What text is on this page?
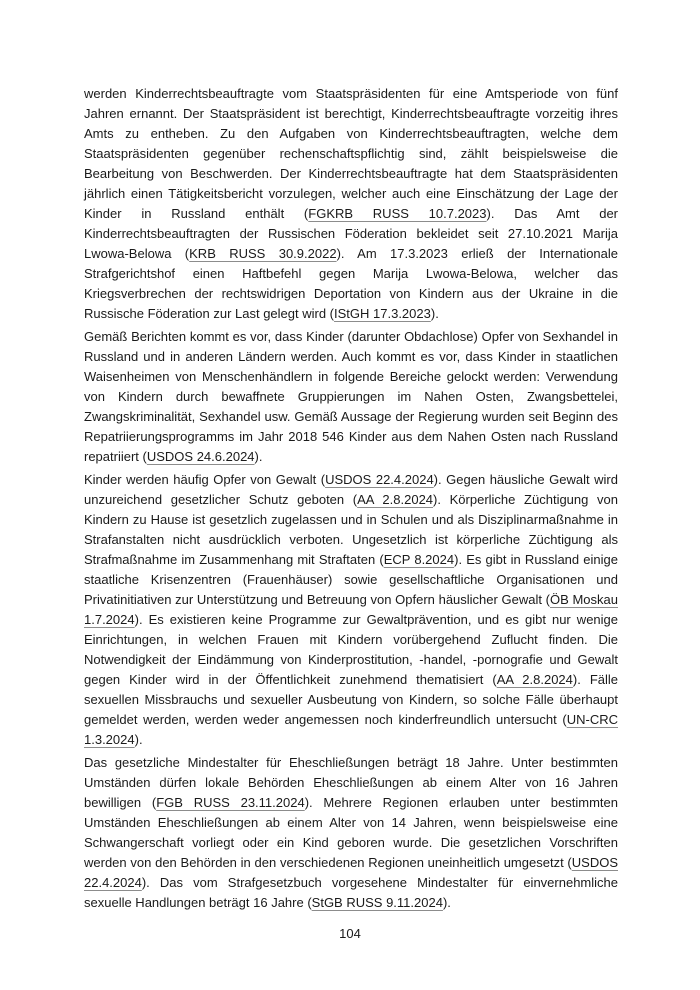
werden Kinderrechtsbeauftragte vom Staatspräsidenten für eine Amtsperiode von fünf Jahren ernannt. Der Staatspräsident ist berechtigt, Kinderrechtsbeauftragte vorzeitig ihres Amts zu entheben. Zu den Aufgaben von Kinderrechtsbeauftragten, welche dem Staatspräsidenten gegenüber rechenschaftspflichtig sind, zählt beispielsweise die Bearbeitung von Beschwerden. Der Kinderrechtsbeauftragte hat dem Staatspräsidenten jährlich einen Tätigkeitsbericht vorzulegen, welcher auch eine Einschätzung der Lage der Kinder in Russland enthält (FGKRB RUSS 10.7.2023). Das Amt der Kinderrechtsbeauftragten der Russischen Föderation bekleidet seit 27.10.2021 Marija Lwowa-Belowa (KRB RUSS 30.9.2022). Am 17.3.2023 erließ der Internationale Strafgerichtshof einen Haftbefehl gegen Marija Lwowa-Belowa, welcher das Kriegsverbrechen der rechtswidrigen Deportation von Kindern aus der Ukraine in die Russische Föderation zur Last gelegt wird (IStGH 17.3.2023).

Gemäß Berichten kommt es vor, dass Kinder (darunter Obdachlose) Opfer von Sexhandel in Russland und in anderen Ländern werden. Auch kommt es vor, dass Kinder in staatlichen Waisenheimen von Menschenhändlern in folgende Bereiche gelockt werden: Verwendung von Kindern durch bewaffnete Gruppierungen im Nahen Osten, Zwangsbettelei, Zwangskriminalität, Sexhandel usw. Gemäß Aussage der Regierung wurden seit Beginn des Repatriierungsprogramms im Jahr 2018 546 Kinder aus dem Nahen Osten nach Russland repatriiert (USDOS 24.6.2024).

Kinder werden häufig Opfer von Gewalt (USDOS 22.4.2024). Gegen häusliche Gewalt wird unzureichend gesetzlicher Schutz geboten (AA 2.8.2024). Körperliche Züchtigung von Kindern zu Hause ist gesetzlich zugelassen und in Schulen und als Disziplinarmaßnahme in Strafanstalten nicht ausdrücklich verboten. Ungesetzlich ist körperliche Züchtigung als Strafmaßnahme im Zusammenhang mit Straftaten (ECP 8.2024). Es gibt in Russland einige staatliche Krisenzentren (Frauenhäuser) sowie gesellschaftliche Organisationen und Privatinitiativen zur Unterstützung und Betreuung von Opfern häuslicher Gewalt (ÖB Moskau 1.7.2024). Es existieren keine Programme zur Gewaltprävention, und es gibt nur wenige Einrichtungen, in welchen Frauen mit Kindern vorübergehend Zuflucht finden. Die Notwendigkeit der Eindämmung von Kinderprostitution, -handel, -pornografie und Gewalt gegen Kinder wird in der Öffentlichkeit zunehmend thematisiert (AA 2.8.2024). Fälle sexuellen Missbrauchs und sexueller Ausbeutung von Kindern, so solche Fälle überhaupt gemeldet werden, werden weder angemessen noch kinderfreundlich untersucht (UN-CRC 1.3.2024).

Das gesetzliche Mindestalter für Eheschließungen beträgt 18 Jahre. Unter bestimmten Umständen dürfen lokale Behörden Eheschließungen ab einem Alter von 16 Jahren bewilligen (FGB RUSS 23.11.2024). Mehrere Regionen erlauben unter bestimmten Umständen Eheschließungen ab einem Alter von 14 Jahren, wenn beispielsweise eine Schwangerschaft vorliegt oder ein Kind geboren wurde. Die gesetzlichen Vorschriften werden von den Behörden in den verschiedenen Regionen uneinheitlich umgesetzt (USDOS 22.4.2024). Das vom Strafgesetzbuch vorgesehene Mindestalter für einvernehmliche sexuelle Handlungen beträgt 16 Jahre (StGB RUSS 9.11.2024).

104
